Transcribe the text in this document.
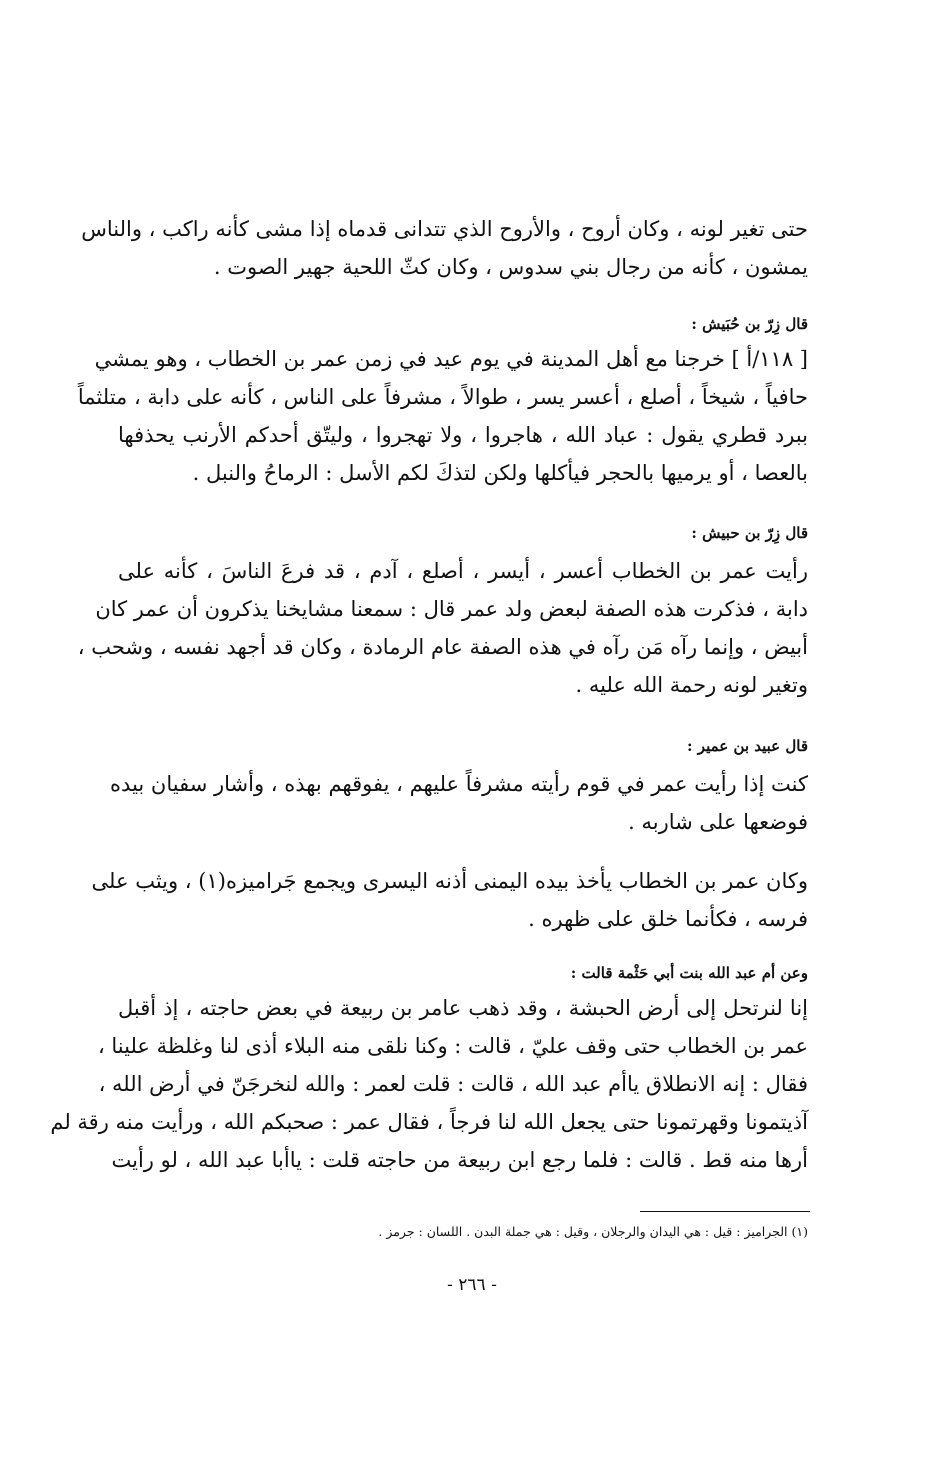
حتى تغير لونه ، وكان أروح ، والأروح الذي تتدانى قدماه إذا مشى كأنه راكب ، والناس
يمشون ، كأنه من رجال بني سدوس ، وكان كثّ اللحية جهير الصوت .
قال زِرّ بن حُبَيش :
[ ١١٨/أ ] خرجنا مع أهل المدينة في يوم عيد في زمن عمر بن الخطاب ، وهو يمشي
حافياً ، شيخاً ، أصلع ، أعسر يسر ، طوالاً ، مشرفاً على الناس ، كأنه على دابة ، متلثماً
ببرد قطري يقول : عباد الله ، هاجروا ، ولا تهجروا ، وليتّق أحدكم الأرنب يحذفها
بالعصا ، أو يرميها بالحجر فيأكلها ولكن لتذكَ لكم الأسل : الرماحُ والنبل .
قال زِرّ بن حبيش :
رأيت عمر بن الخطاب أعسر ، أيسر ، أصلع ، آدم ، قد فرعَ الناسَ ، كأنه على
دابة ، فذكرت هذه الصفة لبعض ولد عمر قال : سمعنا مشايخنا يذكرون أن عمر كان
أبيض ، وإنما رآه مَن رآه في هذه الصفة عام الرمادة ، وكان قد أجهد نفسه ، وشحب ،
وتغير لونه رحمة الله عليه .
قال عبيد بن عمير :
كنت إذا رأيت عمر في قوم رأيته مشرفاً عليهم ، يفوقهم بهذه ، وأشار سفيان بيده
فوضعها على شاربه .
وكان عمر بن الخطاب يأخذ بيده اليمنى أذنه اليسرى ويجمع جَراميزه(١) ، ويثب على
فرسه ، فكأنما خلق على ظهره .
وعن أم عبد الله بنت أبي حَثْمة قالت :
إنا لنرتحل إلى أرض الحبشة ، وقد ذهب عامر بن ربيعة في بعض حاجته ، إذ أقبل
عمر بن الخطاب حتى وقف عليّ ، قالت : وكنا نلقى منه البلاء أذى لنا وغلظة علينا ،
فقال : إنه الانطلاق ياأم عبد الله ، قالت : قلت لعمر : والله لنخرجَنّ في أرض الله ،
آذيتمونا وقهرتمونا حتى يجعل الله لنا فرجاً ، فقال عمر : صحبكم الله ، ورأيت منه رقة لم
أرها منه قط . قالت : فلما رجع ابن ربيعة من حاجته قلت : ياأبا عبد الله ، لو رأيت
(١) الجراميز : قيل : هي اليدان والرجلان ، وقيل : هي جملة البدن . اللسان : جرمز .
- ٢٦٦ -
